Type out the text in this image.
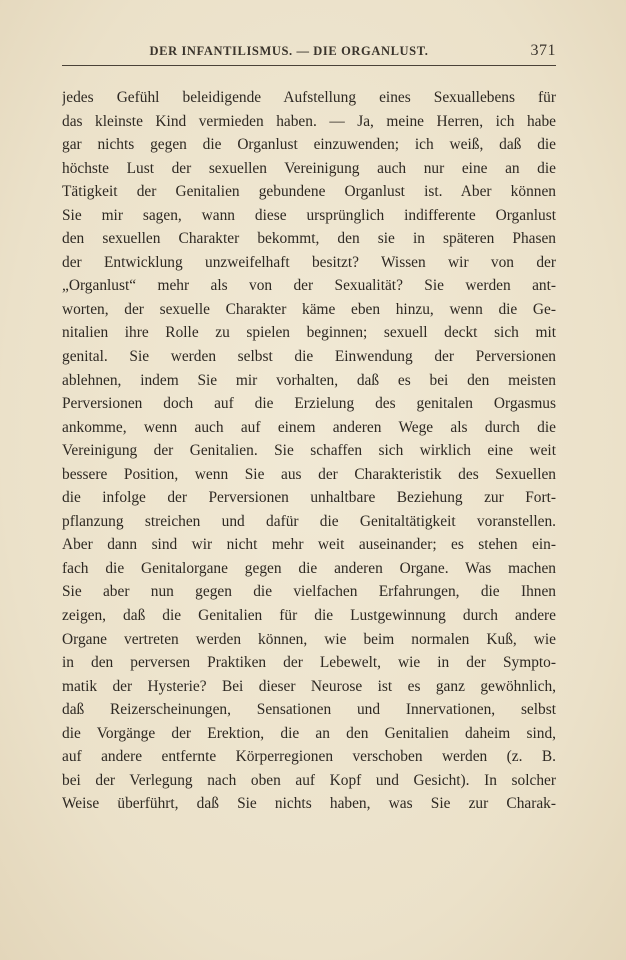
DER INFANTILISMUS. — DIE ORGANLUST.	371
jedes Gefühl beleidigende Aufstellung eines Sexuallebens für
das kleinste Kind vermieden haben. — Ja, meine Herren, ich habe
gar nichts gegen die Organlust einzuwenden; ich weiß, daß die
höchste Lust der sexuellen Vereinigung auch nur eine an die
Tätigkeit der Genitalien gebundene Organlust ist. Aber können
Sie mir sagen, wann diese ursprünglich indifferente Organlust
den sexuellen Charakter bekommt, den sie in späteren Phasen
der Entwicklung unzweifelhaft besitzt? Wissen wir von der
„Organlust“ mehr als von der Sexualität? Sie werden ant-
worten, der sexuelle Charakter käme eben hinzu, wenn die Ge-
nitalien ihre Rolle zu spielen beginnen; sexuell deckt sich mit
genital. Sie werden selbst die Einwendung der Perversionen
ablehnen, indem Sie mir vorhalten, daß es bei den meisten
Perversionen doch auf die Erzielung des genitalen Orgasmus
ankomme, wenn auch auf einem anderen Wege als durch die
Vereinigung der Genitalien. Sie schaffen sich wirklich eine weit
bessere Position, wenn Sie aus der Charakteristik des Sexuellen
die infolge der Perversionen unhaltbare Beziehung zur Fort-
pflanzung streichen und dafür die Genitaltätigkeit voranstellen.
Aber dann sind wir nicht mehr weit auseinander; es stehen ein-
fach die Genitalorgane gegen die anderen Organe. Was machen
Sie aber nun gegen die vielfachen Erfahrungen, die Ihnen
zeigen, daß die Genitalien für die Lustgewinnung durch andere
Organe vertreten werden können, wie beim normalen Kuß, wie
in den perversen Praktiken der Lebewelt, wie in der Sympto-
matik der Hysterie? Bei dieser Neurose ist es ganz gewöhnlich,
daß Reizerscheinungen, Sensationen und Innervationen, selbst
die Vorgänge der Erektion, die an den Genitalien daheim sind,
auf andere entfernte Körperregionen verschoben werden (z. B.
bei der Verlegung nach oben auf Kopf und Gesicht). In solcher
Weise überführt, daß Sie nichts haben, was Sie zur Charak-
